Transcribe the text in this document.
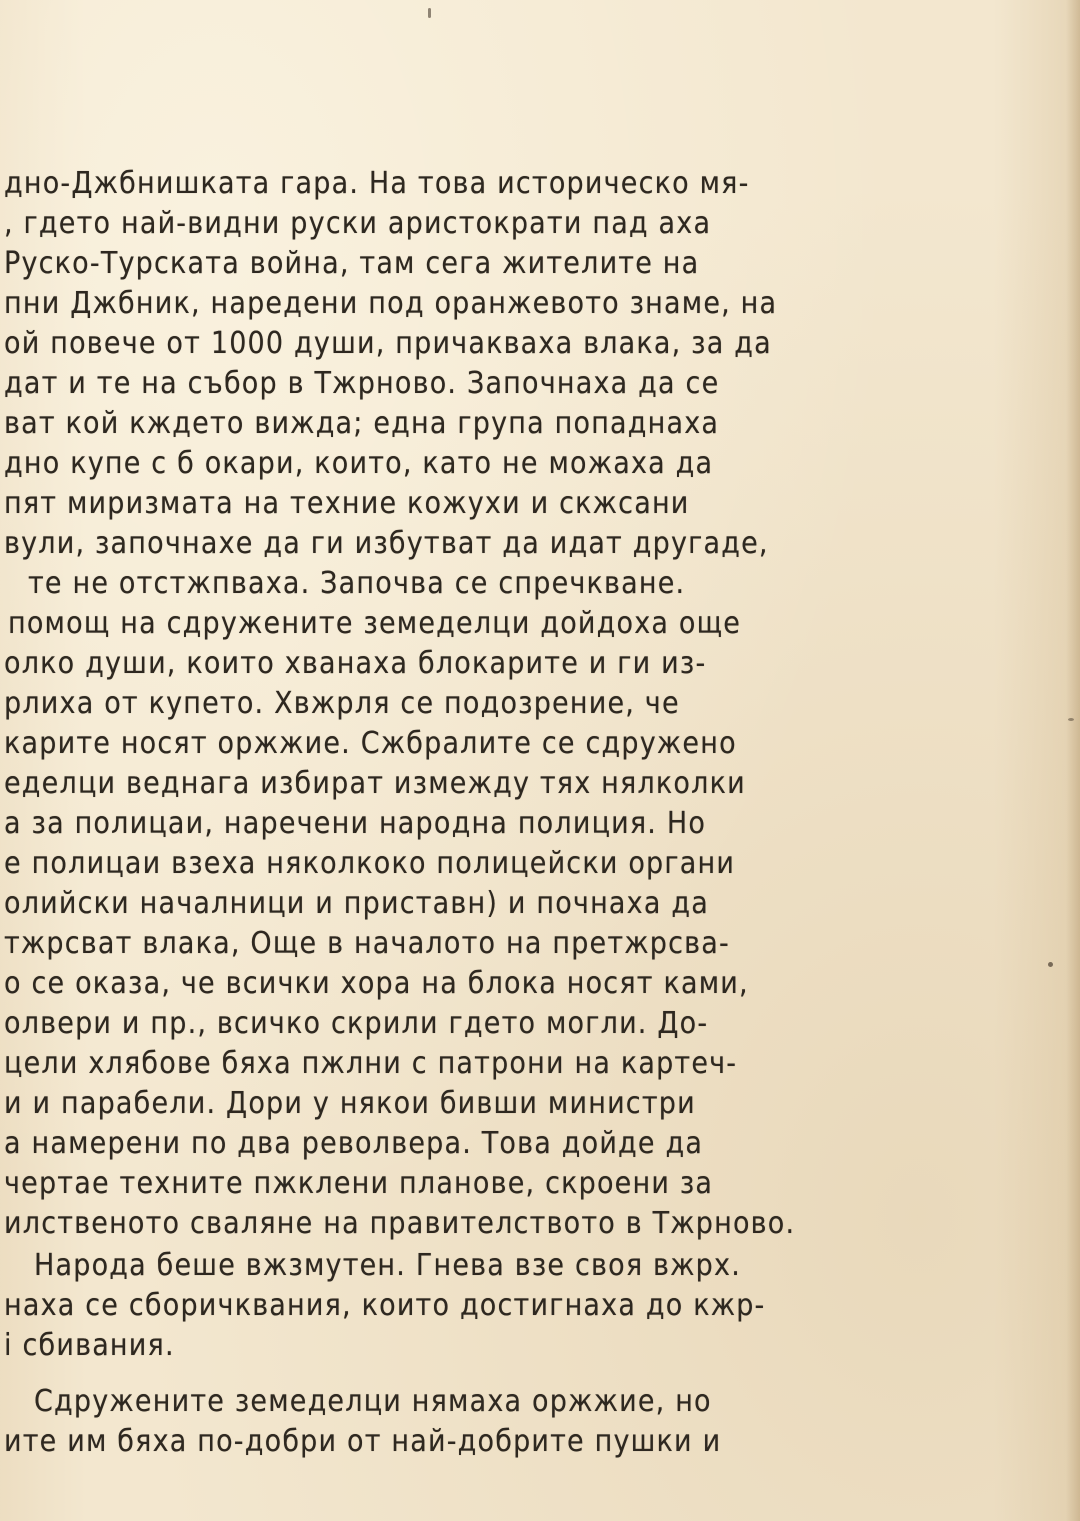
дно-Джбнишката гара. На това историческо мя-
, гдето най-видни руски аристократи пад аха
Руско-Турската война, там сега жителите на
пни Джбник, наредени под оранжевото знаме, на
ой повече от 1000 души, причакваха влака, за да
дат и те на събор в Тжрново. Започнаха да се
ват кой кждето вижда; една група попаднаха
дно купе с б окари, които, като не можаха да
пят миризмата на техние кожухи и скжсани
вули, започнахе да ги избутват да идат другаде,
те не отстжпваха. Започва се спречкване.
помощ на сдружените земеделци дойдоха още
олко души, които хванаха блокарите и ги из-
рлиха от купето. Хвжрля се подозрение, че
карите носят оржжие. Сжбралите се сдружено
еделци веднага избират измежду тях нялколки
а за полицаи, наречени народна полиция. Но
е полицаи взеха няколкоко полицейски органи
олийски началници и приставн) и почнаха да
тжрсват влака, Още в началото на претжрсва-
о се оказа, че всички хора на блока носят ками,
олвери и пр., всичко скрили гдето могли. До-
цели хлябове бяха пжлни с патрони на картеч-
и и парабели. Дори у някои бивши министри
а намерени по два револвера. Това дойде да
чертае техните пжклени планове, скроени за
илственото сваляне на правителството в Тжрново.
Народа беше вжзмутен. Гнева взе своя вжрх.
наха се сборичквания, които достигнаха до кжр-
і сбивания.
Сдружените земеделци нямаха оржжие, но
ите им бяха по-добри от най-добрите пушки и
